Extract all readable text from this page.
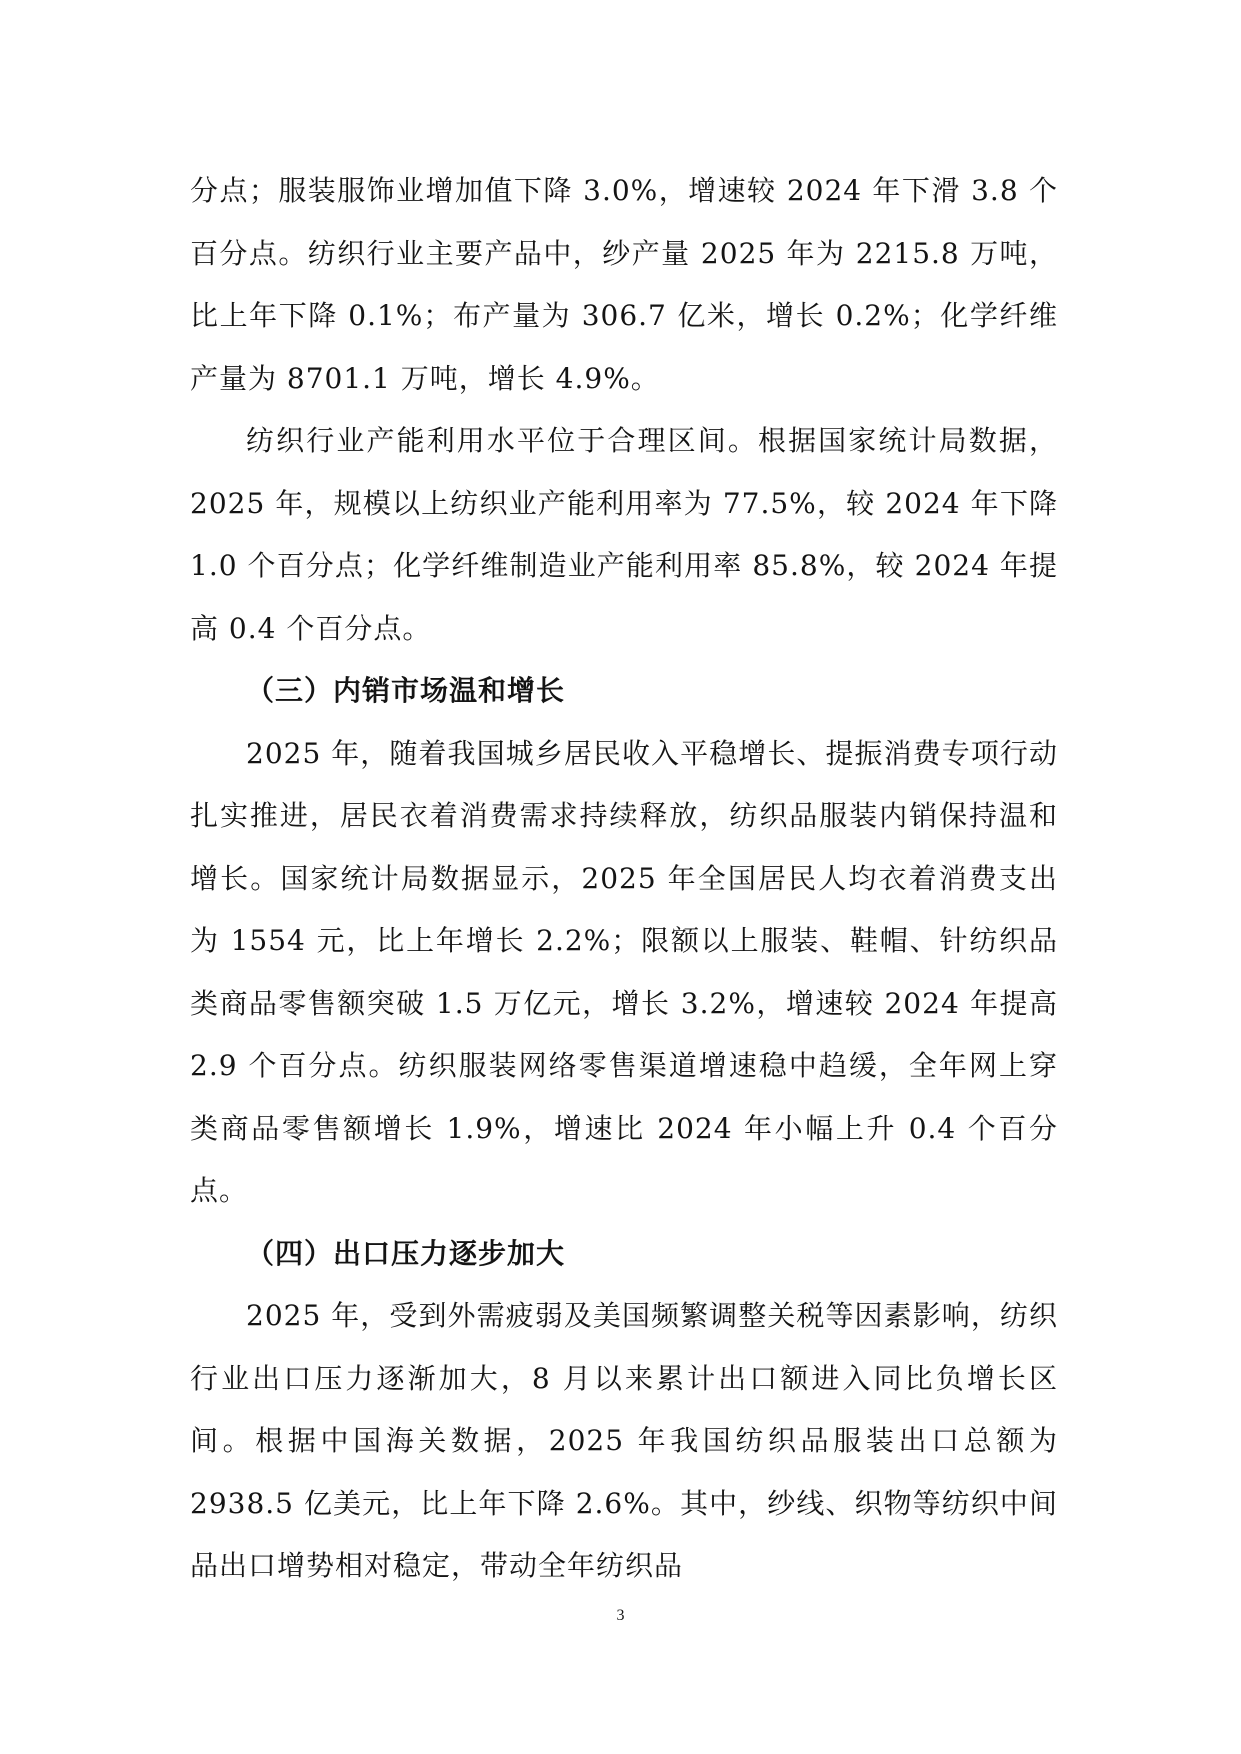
分点；服装服饰业增加值下降 3.0%，增速较 2024 年下滑 3.8 个百分点。纺织行业主要产品中，纱产量 2025 年为 2215.8 万吨，比上年下降 0.1%；布产量为 306.7 亿米，增长 0.2%；化学纤维产量为 8701.1 万吨，增长 4.9%。

纺织行业产能利用水平位于合理区间。根据国家统计局数据，2025 年，规模以上纺织业产能利用率为 77.5%，较 2024 年下降 1.0 个百分点；化学纤维制造业产能利用率 85.8%，较 2024 年提高 0.4 个百分点。

（三）内销市场温和增长

2025 年，随着我国城乡居民收入平稳增长、提振消费专项行动扎实推进，居民衣着消费需求持续释放，纺织品服装内销保持温和增长。国家统计局数据显示，2025 年全国居民人均衣着消费支出为 1554 元，比上年增长 2.2%；限额以上服装、鞋帽、针纺织品类商品零售额突破 1.5 万亿元，增长 3.2%，增速较 2024 年提高 2.9 个百分点。纺织服装网络零售渠道增速稳中趋缓，全年网上穿类商品零售额增长 1.9%，增速比 2024 年小幅上升 0.4 个百分点。

（四）出口压力逐步加大

2025 年，受到外需疲弱及美国频繁调整关税等因素影响，纺织行业出口压力逐渐加大，8 月以来累计出口额进入同比负增长区间。根据中国海关数据，2025 年我国纺织品服装出口总额为 2938.5 亿美元，比上年下降 2.6%。其中，纱线、织物等纺织中间品出口增势相对稳定，带动全年纺织品

3
